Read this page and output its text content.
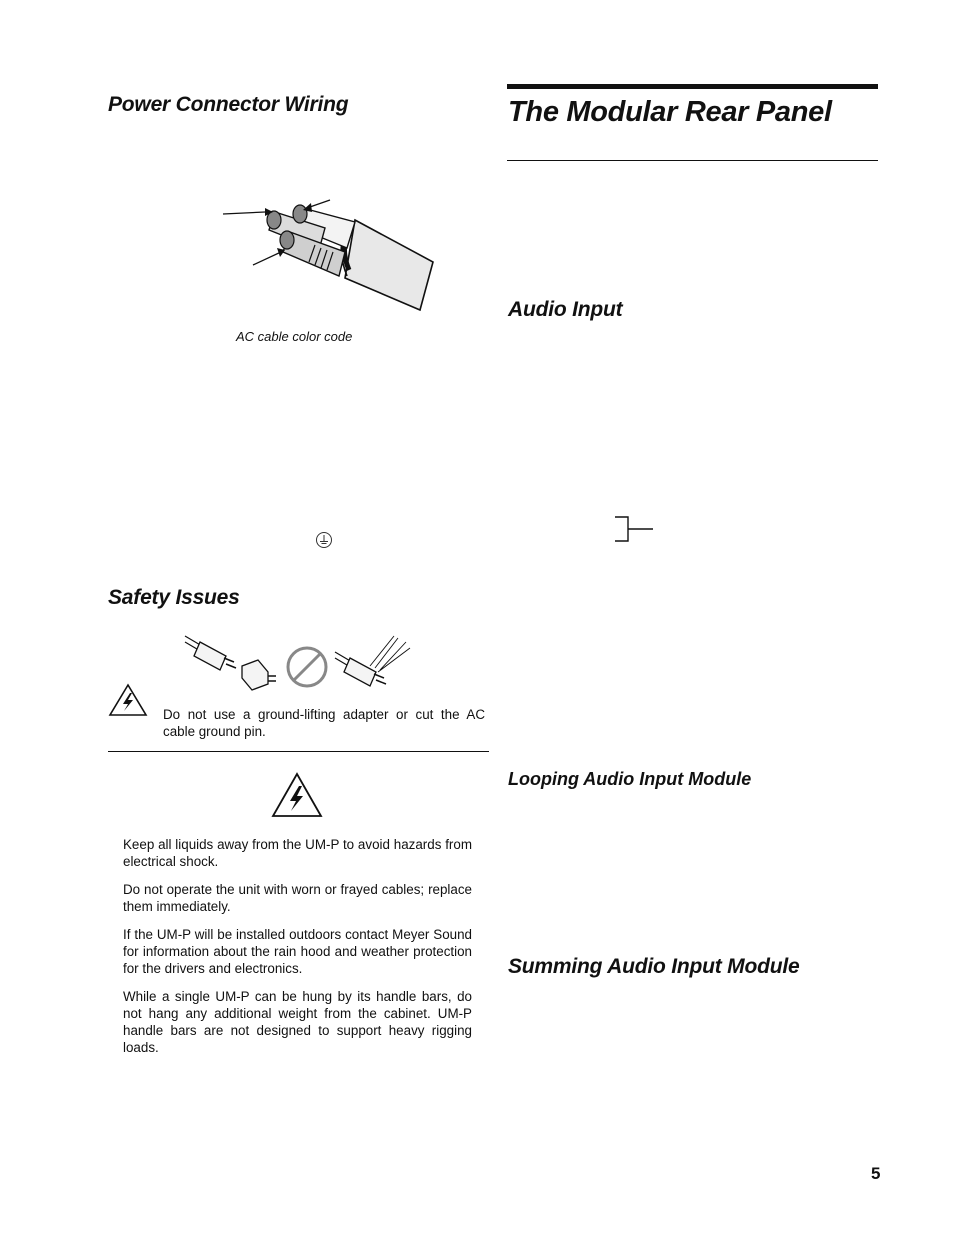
Power Connector Wiring
AC cable color code
Safety Issues
Do not use a ground-lifting adapter or cut the AC cable ground pin.
Keep all liquids away from the UM-P to avoid hazards from electrical shock.
Do not operate the unit with worn or frayed cables; replace them immediately.
If the UM-P will be installed outdoors contact Meyer Sound for information about the rain hood and weather protection for the drivers and electronics.
While a single UM-P can be hung by its handle bars, do not hang any additional weight from the cabinet. UM-P handle bars are not designed to support heavy rigging loads.
The Modular Rear Panel
Audio Input
Looping Audio Input Module
Summing Audio Input Module
5
